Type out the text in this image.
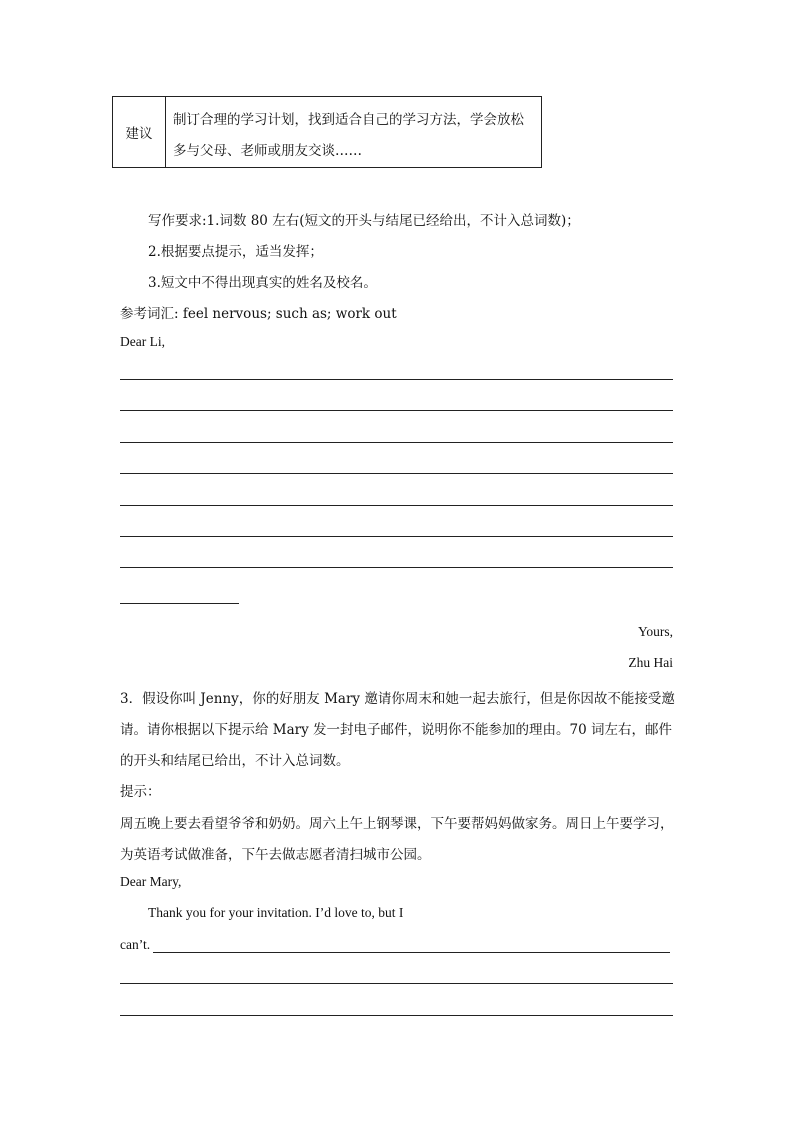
建议
制订合理的学习计划，找到适合自己的学习方法，学会放松
多与父母、老师或朋友交谈……
写作要求:1.词数 80 左右(短文的开头与结尾已经给出，不计入总词数)；
2.根据要点提示，适当发挥；
3.短文中不得出现真实的姓名及校名。
参考词汇: feel nervous; such as; work out
Dear Li,
Yours,
Zhu Hai
3．假设你叫 Jenny，你的好朋友 Mary 邀请你周末和她一起去旅行，但是你因故不能接受邀
请。请你根据以下提示给 Mary 发一封电子邮件，说明你不能参加的理由。70 词左右，邮件
的开头和结尾已给出，不计入总词数。
提示：
周五晚上要去看望爷爷和奶奶。周六上午上钢琴课，下午要帮妈妈做家务。周日上午要学习，
为英语考试做准备，下午去做志愿者清扫城市公园。
Dear Mary,
Thank you for your invitation. I’d love to, but I
can’t.
